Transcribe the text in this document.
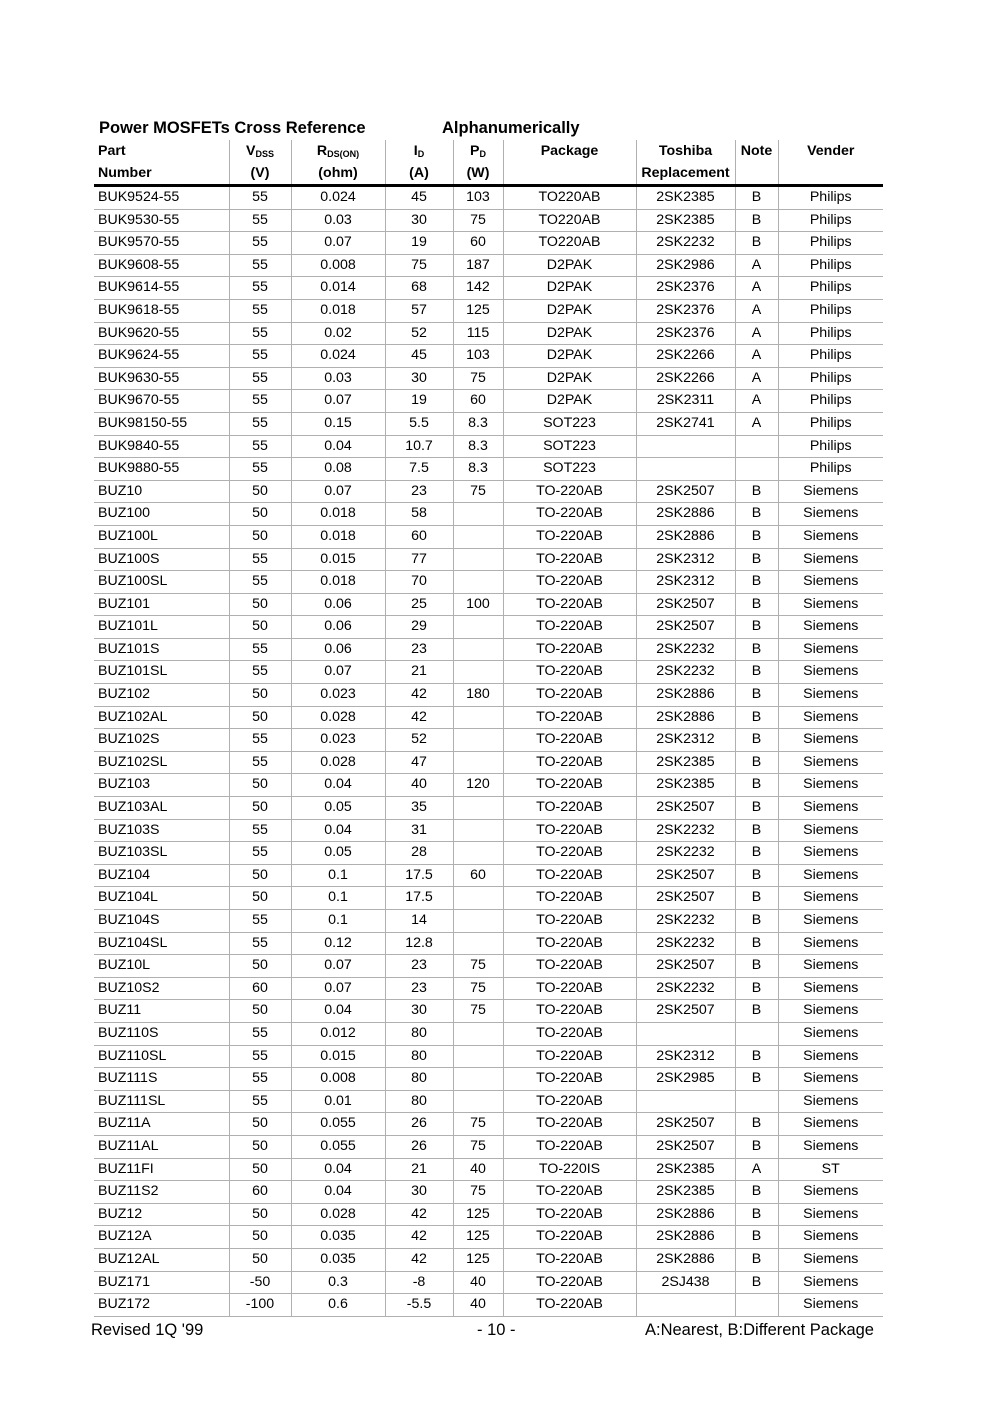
Power MOSFETs Cross Reference	Alphanumerically
Part	$V_{DSS}$	$R_{DS(ON)}$	$I_D$	$P_D$	Package	Toshiba	Note	Vender
Number	(V)	(ohm)	(A)	(W)		Replacement		
BUK9524-55	55	0.024	45	103	TO220AB	2SK2385	B	Philips
BUK9530-55	55	0.03	30	75	TO220AB	2SK2385	B	Philips
BUK9570-55	55	0.07	19	60	TO220AB	2SK2232	B	Philips
BUK9608-55	55	0.008	75	187	D2PAK	2SK2986	A	Philips
BUK9614-55	55	0.014	68	142	D2PAK	2SK2376	A	Philips
BUK9618-55	55	0.018	57	125	D2PAK	2SK2376	A	Philips
BUK9620-55	55	0.02	52	115	D2PAK	2SK2376	A	Philips
BUK9624-55	55	0.024	45	103	D2PAK	2SK2266	A	Philips
BUK9630-55	55	0.03	30	75	D2PAK	2SK2266	A	Philips
BUK9670-55	55	0.07	19	60	D2PAK	2SK2311	A	Philips
BUK98150-55	55	0.15	5.5	8.3	SOT223	2SK2741	A	Philips
BUK9840-55	55	0.04	10.7	8.3	SOT223			Philips
BUK9880-55	55	0.08	7.5	8.3	SOT223			Philips
BUZ10	50	0.07	23	75	TO-220AB	2SK2507	B	Siemens
BUZ100	50	0.018	58		TO-220AB	2SK2886	B	Siemens
BUZ100L	50	0.018	60		TO-220AB	2SK2886	B	Siemens
BUZ100S	55	0.015	77		TO-220AB	2SK2312	B	Siemens
BUZ100SL	55	0.018	70		TO-220AB	2SK2312	B	Siemens
BUZ101	50	0.06	25	100	TO-220AB	2SK2507	B	Siemens
BUZ101L	50	0.06	29		TO-220AB	2SK2507	B	Siemens
BUZ101S	55	0.06	23		TO-220AB	2SK2232	B	Siemens
BUZ101SL	55	0.07	21		TO-220AB	2SK2232	B	Siemens
BUZ102	50	0.023	42	180	TO-220AB	2SK2886	B	Siemens
BUZ102AL	50	0.028	42		TO-220AB	2SK2886	B	Siemens
BUZ102S	55	0.023	52		TO-220AB	2SK2312	B	Siemens
BUZ102SL	55	0.028	47		TO-220AB	2SK2385	B	Siemens
BUZ103	50	0.04	40	120	TO-220AB	2SK2385	B	Siemens
BUZ103AL	50	0.05	35		TO-220AB	2SK2507	B	Siemens
BUZ103S	55	0.04	31		TO-220AB	2SK2232	B	Siemens
BUZ103SL	55	0.05	28		TO-220AB	2SK2232	B	Siemens
BUZ104	50	0.1	17.5	60	TO-220AB	2SK2507	B	Siemens
BUZ104L	50	0.1	17.5		TO-220AB	2SK2507	B	Siemens
BUZ104S	55	0.1	14		TO-220AB	2SK2232	B	Siemens
BUZ104SL	55	0.12	12.8		TO-220AB	2SK2232	B	Siemens
BUZ10L	50	0.07	23	75	TO-220AB	2SK2507	B	Siemens
BUZ10S2	60	0.07	23	75	TO-220AB	2SK2232	B	Siemens
BUZ11	50	0.04	30	75	TO-220AB	2SK2507	B	Siemens
BUZ110S	55	0.012	80		TO-220AB			Siemens
BUZ110SL	55	0.015	80		TO-220AB	2SK2312	B	Siemens
BUZ111S	55	0.008	80		TO-220AB	2SK2985	B	Siemens
BUZ111SL	55	0.01	80		TO-220AB			Siemens
BUZ11A	50	0.055	26	75	TO-220AB	2SK2507	B	Siemens
BUZ11AL	50	0.055	26	75	TO-220AB	2SK2507	B	Siemens
BUZ11FI	50	0.04	21	40	TO-220IS	2SK2385	A	ST
BUZ11S2	60	0.04	30	75	TO-220AB	2SK2385	B	Siemens
BUZ12	50	0.028	42	125	TO-220AB	2SK2886	B	Siemens
BUZ12A	50	0.035	42	125	TO-220AB	2SK2886	B	Siemens
BUZ12AL	50	0.035	42	125	TO-220AB	2SK2886	B	Siemens
BUZ171	-50	0.3	-8	40	TO-220AB	2SJ438	B	Siemens
BUZ172	-100	0.6	-5.5	40	TO-220AB			Siemens
Revised 1Q '99	- 10 -	A:Nearest, B:Different Package
